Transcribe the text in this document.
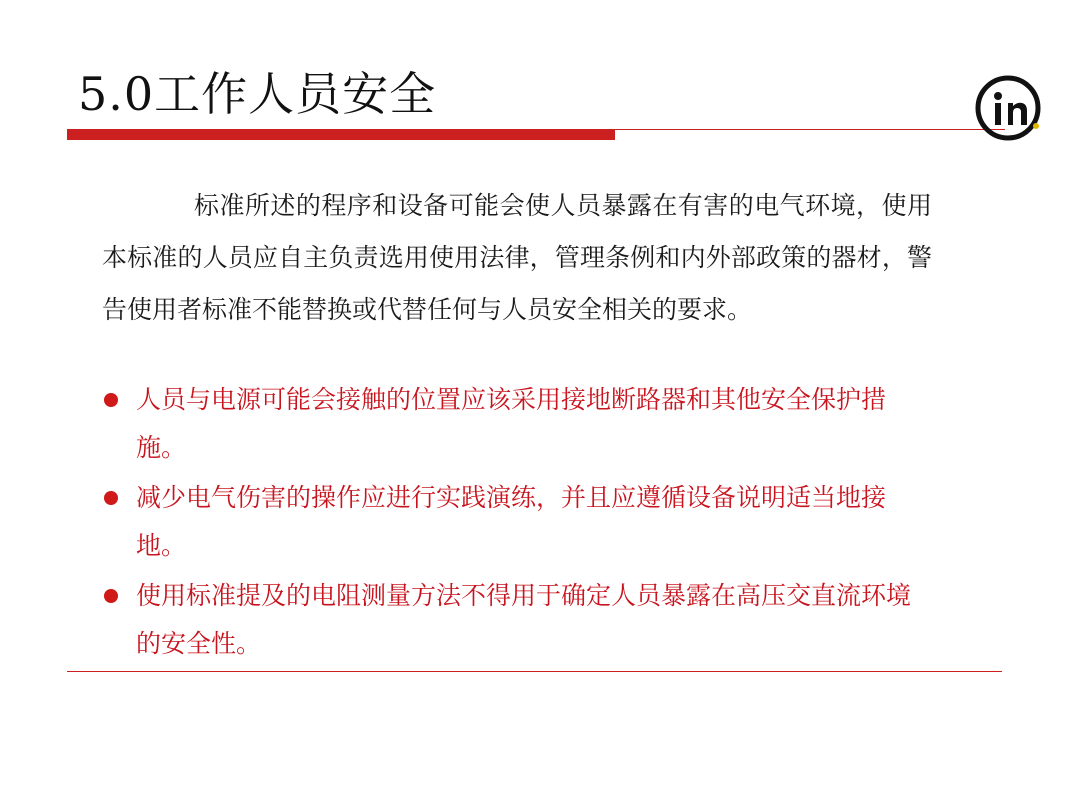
5.0工作人员安全
标准所述的程序和设备可能会使人员暴露在有害的电气环境，使用本标准的人员应自主负责选用使用法律，管理条例和内外部政策的器材，警告使用者标准不能替换或代替任何与人员安全相关的要求。
人员与电源可能会接触的位置应该采用接地断路器和其他安全保护措施。
减少电气伤害的操作应进行实践演练，并且应遵循设备说明适当地接地。
使用标准提及的电阻测量方法不得用于确定人员暴露在高压交直流环境的安全性。
